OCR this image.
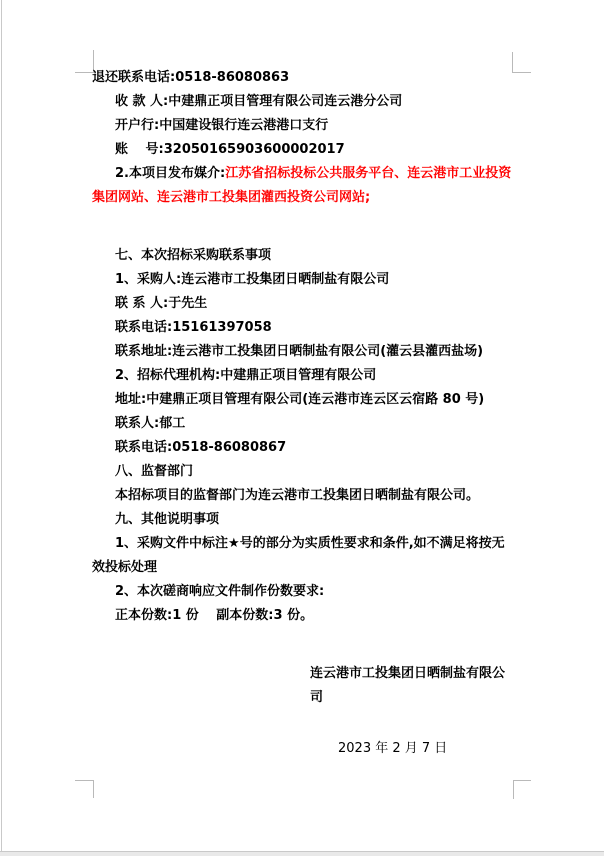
退还联系电话:0518-86080863

收 款 人:中建鼎正项目管理有限公司连云港分公司

开户行:中国建设银行连云港港口支行

账　 号:32050165903600002017

2.本项目发布媒介:江苏省招标投标公共服务平台、连云港市工业投资集团网站、连云港市工投集团灌西投资公司网站;

七、本次招标采购联系事项

1、采购人:连云港市工投集团日晒制盐有限公司

联 系 人:于先生

联系电话:15161397058

联系地址:连云港市工投集团日晒制盐有限公司(灌云县灌西盐场)

2、招标代理机构:中建鼎正项目管理有限公司

地址:中建鼎正项目管理有限公司(连云港市连云区云宿路 80 号)

联系人:郁工

联系电话:0518-86080867

八、监督部门

本招标项目的监督部门为连云港市工投集团日晒制盐有限公司。

九、其他说明事项

1、采购文件中标注★号的部分为实质性要求和条件,如不满足将按无效投标处理

2、本次磋商响应文件制作份数要求:

正本份数:1 份　 副本份数:3 份。

连云港市工投集团日晒制盐有限公司

2023 年 2 月 7 日
